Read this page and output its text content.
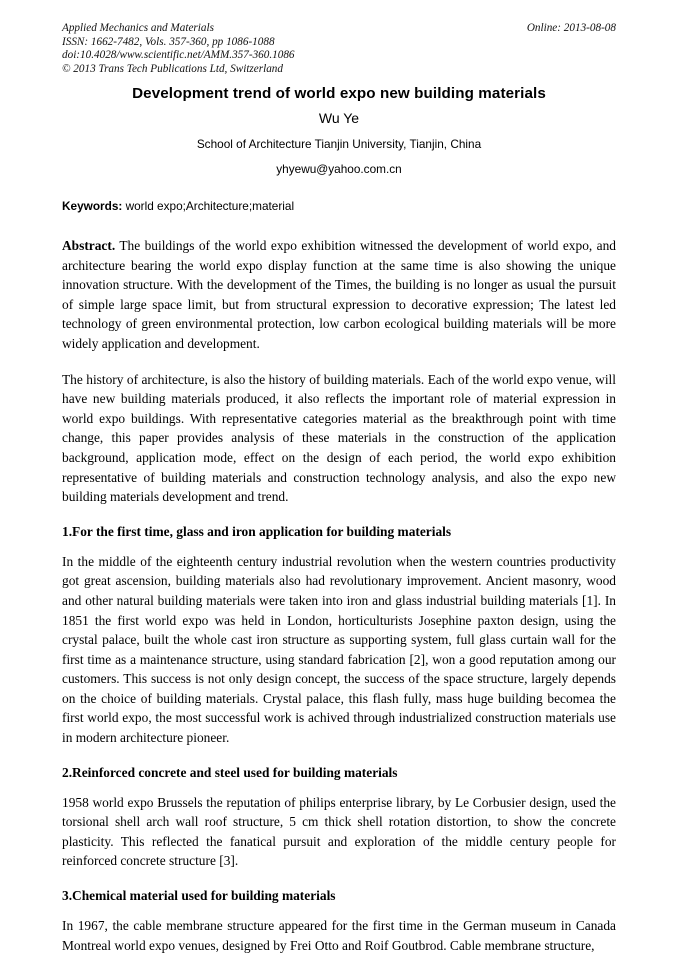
Applied Mechanics and Materials
ISSN: 1662-7482, Vols. 357-360, pp 1086-1088
doi:10.4028/www.scientific.net/AMM.357-360.1086
© 2013 Trans Tech Publications Ltd, Switzerland
Online: 2013-08-08
Development trend of world expo new building materials
Wu Ye
School of Architecture Tianjin University, Tianjin, China
yhyewu@yahoo.com.cn
Keywords: world expo;Architecture;material

Abstract. The buildings of the world expo exhibition witnessed the development of world expo, and architecture bearing the world expo display function at the same time is also showing the unique innovation structure. With the development of the Times, the building is no longer as usual the pursuit of simple large space limit, but from structural expression to decorative expression; The latest led technology of green environmental protection, low carbon ecological building materials will be more widely application and development.

The history of architecture, is also the history of building materials. Each of the world expo venue, will have new building materials produced, it also reflects the important role of material expression in world expo buildings. With representative categories material as the breakthrough point with time change, this paper provides analysis of these materials in the construction of the application background, application mode, effect on the design of each period, the world expo exhibition representative of building materials and construction technology analysis, and also the expo new building materials development and trend.

1.For the first time, glass and iron application for building materials

In the middle of the eighteenth century industrial revolution when the western countries productivity got great ascension, building materials also had revolutionary improvement. Ancient masonry, wood and other natural building materials were taken into iron and glass industrial building materials [1]. In 1851 the first world expo was held in London, horticulturists Josephine paxton design, using the crystal palace, built the whole cast iron structure as supporting system, full glass curtain wall for the first time as a maintenance structure, using standard fabrication [2], won a good reputation among our customers. This success is not only design concept, the success of the space structure, largely depends on the choice of building materials. Crystal palace, this flash fully, mass huge building becomea the first world expo, the most successful work is achived through industrialized construction materials use in modern architecture pioneer.

2.Reinforced concrete and steel used for building materials

1958 world expo Brussels the reputation of philips enterprise library, by Le Corbusier design, used the torsional shell arch wall roof structure, 5 cm thick shell rotation distortion, to show the concrete plasticity. This reflected the fanatical pursuit and exploration of the middle century people for reinforced concrete structure [3].

3.Chemical material used for building materials

In 1967, the cable membrane structure appeared for the first time in the German museum in Canada Montreal world expo venues, designed by Frei Otto and Roif Goutbrod. Cable membrane structure,
